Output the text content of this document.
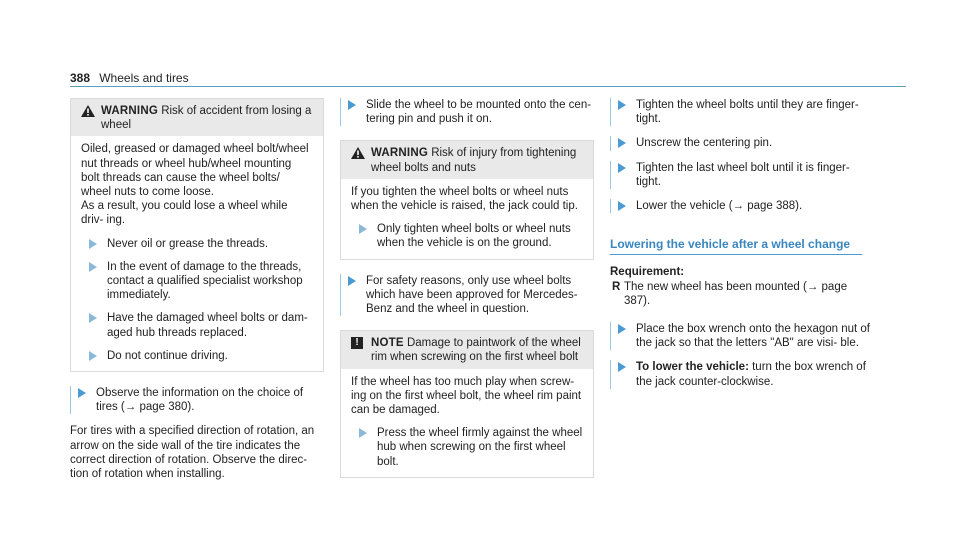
388 Wheels and tires
WARNING Risk of accident from losing a wheel

Oiled, greased or damaged wheel bolt/wheel nut threads or wheel hub/wheel mounting bolt threads can cause the wheel bolts/ wheel nuts to come loose.

As a result, you could lose a wheel while driv- ing.

Never oil or grease the threads.
In the event of damage to the threads, contact a qualified specialist workshop immediately.
Have the damaged wheel bolts or dam- aged hub threads replaced.
Do not continue driving.
Observe the information on the choice of tires (→ page 380).

For tires with a specified direction of rotation, an arrow on the side wall of the tire indicates the correct direction of rotation. Observe the direc- tion of rotation when installing.

Slide the wheel to be mounted onto the cen- tering pin and push it on.
WARNING Risk of injury from tightening wheel bolts and nuts

If you tighten the wheel bolts or wheel nuts when the vehicle is raised, the jack could tip.

Only tighten wheel bolts or wheel nuts when the vehicle is on the ground.
For safety reasons, only use wheel bolts which have been approved for Mercedes- Benz and the wheel in question.
!	NOTE Damage to paintwork of the wheel rim when screwing on the first wheel bolt

If the wheel has too much play when screw- ing on the first wheel bolt, the wheel rim paint can be damaged.

Press the wheel firmly against the wheel hub when screwing on the first wheel bolt.
Tighten the wheel bolts until they are finger- tight.
Unscrew the centering pin.
Tighten the last wheel bolt until it is finger- tight.
Lower the vehicle (→ page 388).
Lowering the vehicle after a wheel change

Requirement:

R The new wheel has been mounted (→ page 387).
Place the box wrench onto the hexagon nut of the jack so that the letters "AB" are visi- ble.
To lower the vehicle: turn the box wrench of the jack counter-clockwise.
